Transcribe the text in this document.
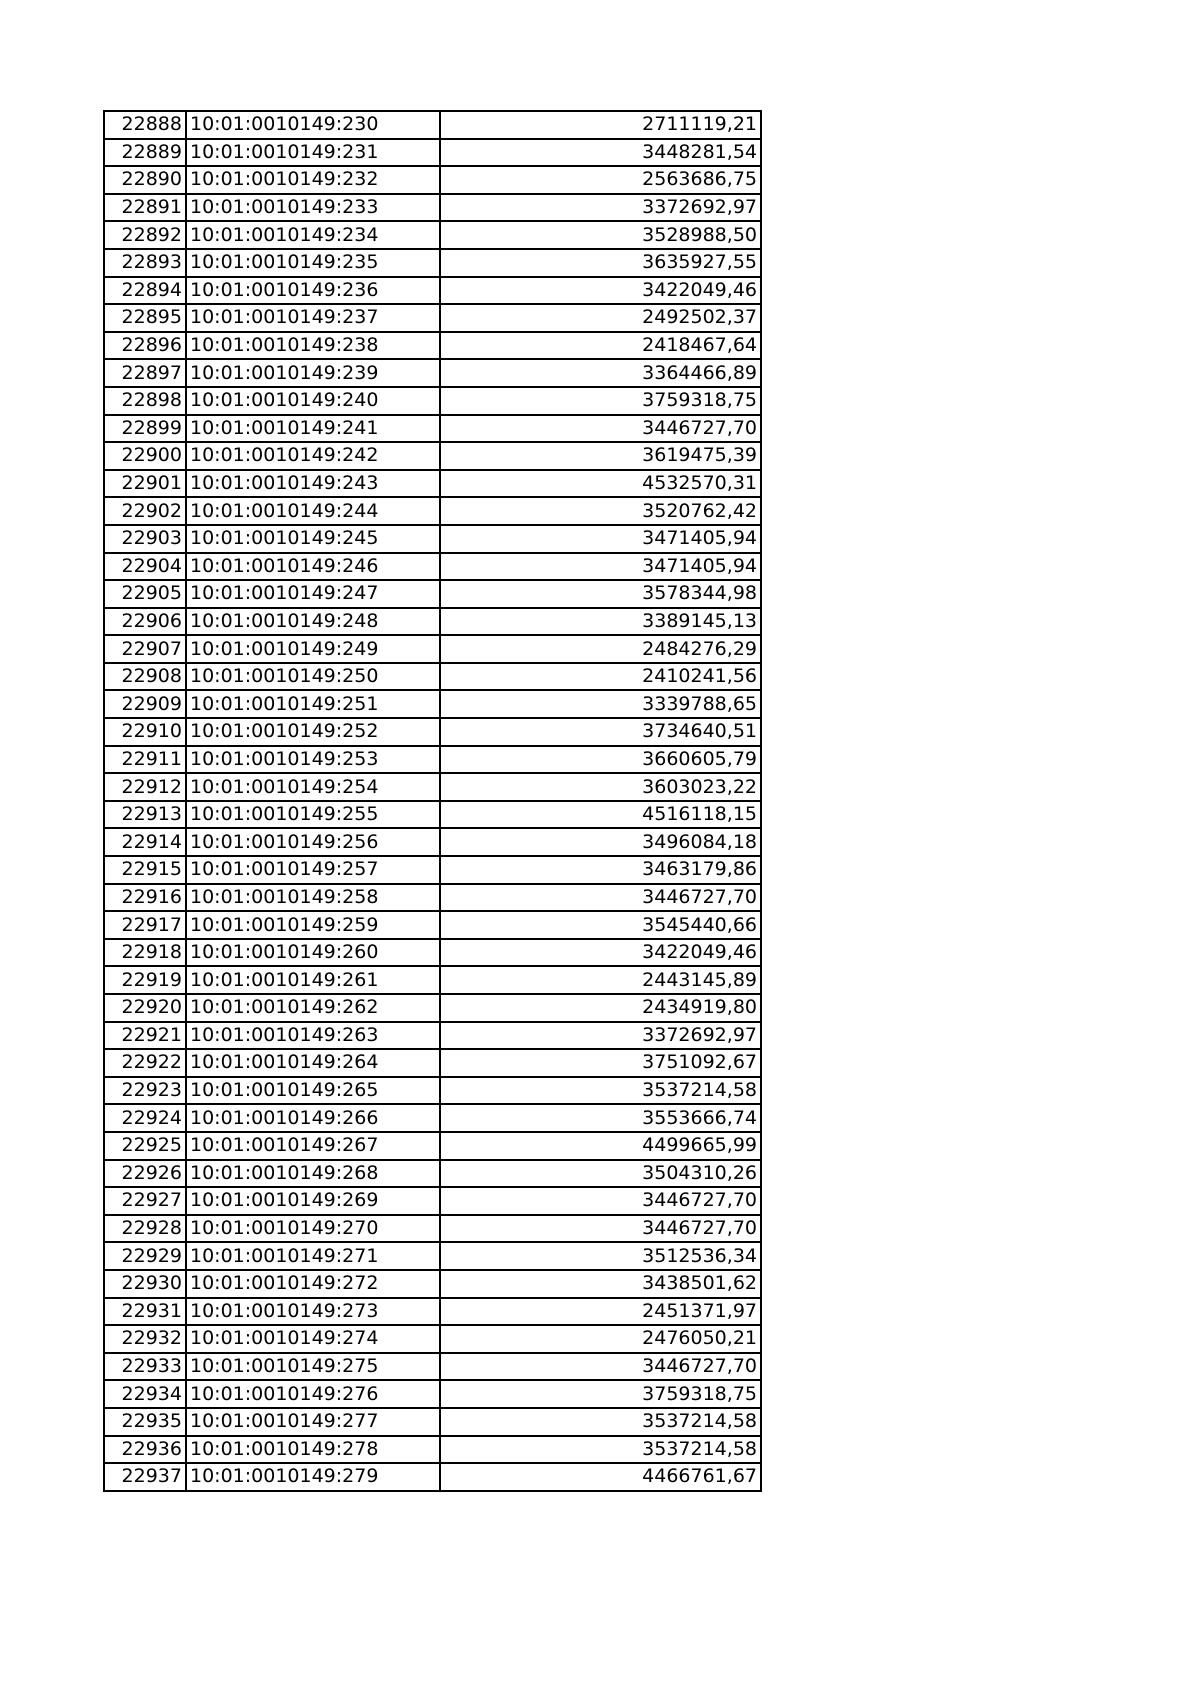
22888	10:01:0010149:230	2711119,21
22889	10:01:0010149:231	3448281,54
22890	10:01:0010149:232	2563686,75
22891	10:01:0010149:233	3372692,97
22892	10:01:0010149:234	3528988,50
22893	10:01:0010149:235	3635927,55
22894	10:01:0010149:236	3422049,46
22895	10:01:0010149:237	2492502,37
22896	10:01:0010149:238	2418467,64
22897	10:01:0010149:239	3364466,89
22898	10:01:0010149:240	3759318,75
22899	10:01:0010149:241	3446727,70
22900	10:01:0010149:242	3619475,39
22901	10:01:0010149:243	4532570,31
22902	10:01:0010149:244	3520762,42
22903	10:01:0010149:245	3471405,94
22904	10:01:0010149:246	3471405,94
22905	10:01:0010149:247	3578344,98
22906	10:01:0010149:248	3389145,13
22907	10:01:0010149:249	2484276,29
22908	10:01:0010149:250	2410241,56
22909	10:01:0010149:251	3339788,65
22910	10:01:0010149:252	3734640,51
22911	10:01:0010149:253	3660605,79
22912	10:01:0010149:254	3603023,22
22913	10:01:0010149:255	4516118,15
22914	10:01:0010149:256	3496084,18
22915	10:01:0010149:257	3463179,86
22916	10:01:0010149:258	3446727,70
22917	10:01:0010149:259	3545440,66
22918	10:01:0010149:260	3422049,46
22919	10:01:0010149:261	2443145,89
22920	10:01:0010149:262	2434919,80
22921	10:01:0010149:263	3372692,97
22922	10:01:0010149:264	3751092,67
22923	10:01:0010149:265	3537214,58
22924	10:01:0010149:266	3553666,74
22925	10:01:0010149:267	4499665,99
22926	10:01:0010149:268	3504310,26
22927	10:01:0010149:269	3446727,70
22928	10:01:0010149:270	3446727,70
22929	10:01:0010149:271	3512536,34
22930	10:01:0010149:272	3438501,62
22931	10:01:0010149:273	2451371,97
22932	10:01:0010149:274	2476050,21
22933	10:01:0010149:275	3446727,70
22934	10:01:0010149:276	3759318,75
22935	10:01:0010149:277	3537214,58
22936	10:01:0010149:278	3537214,58
22937	10:01:0010149:279	4466761,67
